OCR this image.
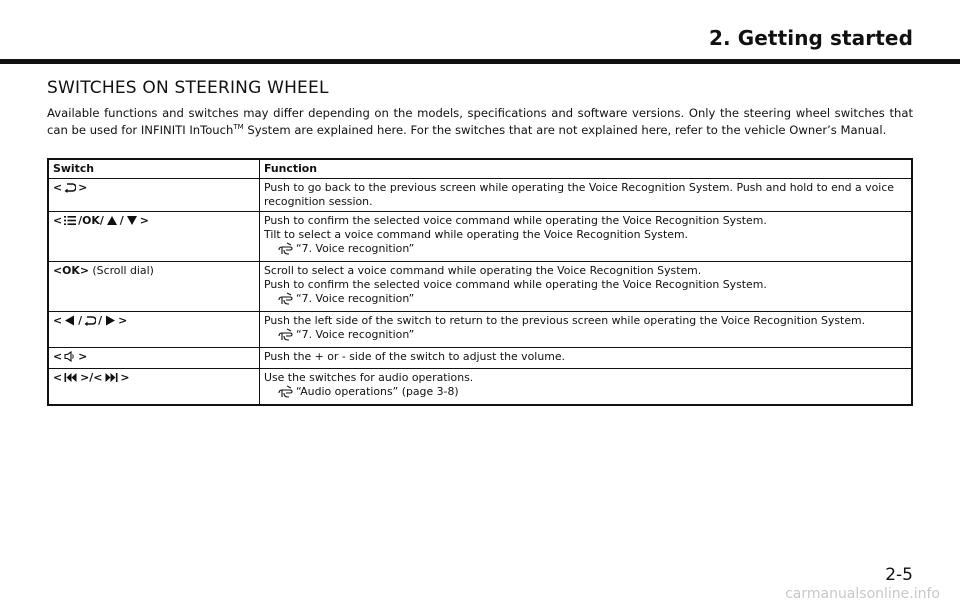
2. Getting started
SWITCHES ON STEERING WHEEL
Available functions and switches may differ depending on the models, specifications and software versions. Only the steering wheel switches that can be used for INFINITI InTouch™ System are explained here. For the switches that are not explained here, refer to the vehicle Owner’s Manual.
Switch	Function
< >	Push to go back to the previous screen while operating the Voice Recognition System. Push and hold to end a voice recognition session.
< /OK/ / >	Push to confirm the selected voice command while operating the Voice Recognition System.
Tilt to select a voice command while operating the Voice Recognition System.
“7. Voice recognition”

<OK> (Scroll dial)	Scroll to select a voice command while operating the Voice Recognition System.
Push to confirm the selected voice command while operating the Voice Recognition System.
“7. Voice recognition”

< / / >	Push the left side of the switch to return to the previous screen while operating the Voice Recognition System.
“7. Voice recognition”

< >	Push the + or - side of the switch to adjust the volume.
< >/< >	Use the switches for audio operations.
“Audio operations” (page 3-8)
2-5
carmanualsonline.info
